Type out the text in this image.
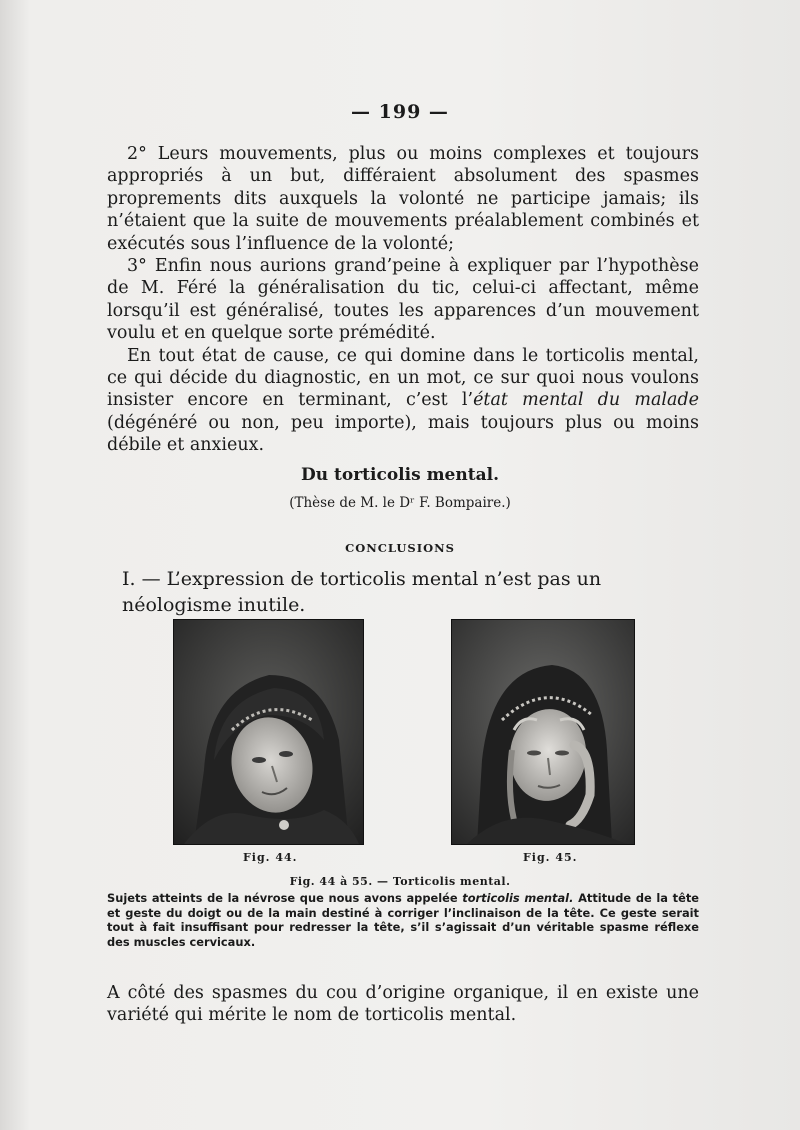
— 199 —

2° Leurs mouvements, plus ou moins complexes et toujours appropriés à un but, différaient absolument des spasmes proprements dits auxquels la volonté ne participe jamais; ils n’étaient que la suite de mouvements préalablement combinés et exécutés sous l’influence de la volonté;

3° Enfin nous aurions grand’peine à expliquer par l’hypothèse de M. Féré la généralisation du tic, celui-ci affectant, même lorsqu’il est généralisé, toutes les apparences d’un mouvement voulu et en quelque sorte prémédité.

En tout état de cause, ce qui domine dans le torticolis mental, ce qui décide du diagnostic, en un mot, ce sur quoi nous voulons insister encore en terminant, c’est l’état mental du malade (dégénéré ou non, peu importe), mais toujours plus ou moins débile et anxieux.

Du torticolis mental.
(Thèse de M. le Dʳ F. Bompaire.)
CONCLUSIONS
I. — L’expression de torticolis mental n’est pas un néologisme inutile.
Fig. 44.	Fig. 45.
Fig. 44 à 55. — Torticolis mental.

Sujets atteints de la névrose que nous avons appelée torticolis mental. Attitude de la tête et geste du doigt ou de la main destiné à corriger l’inclinaison de la tête. Ce geste serait tout à fait insuffisant pour redresser la tête, s’il s’agissait d’un véritable spasme réflexe des muscles cervicaux.

A côté des spasmes du cou d’origine organique, il en existe une variété qui mérite le nom de torticolis mental.
